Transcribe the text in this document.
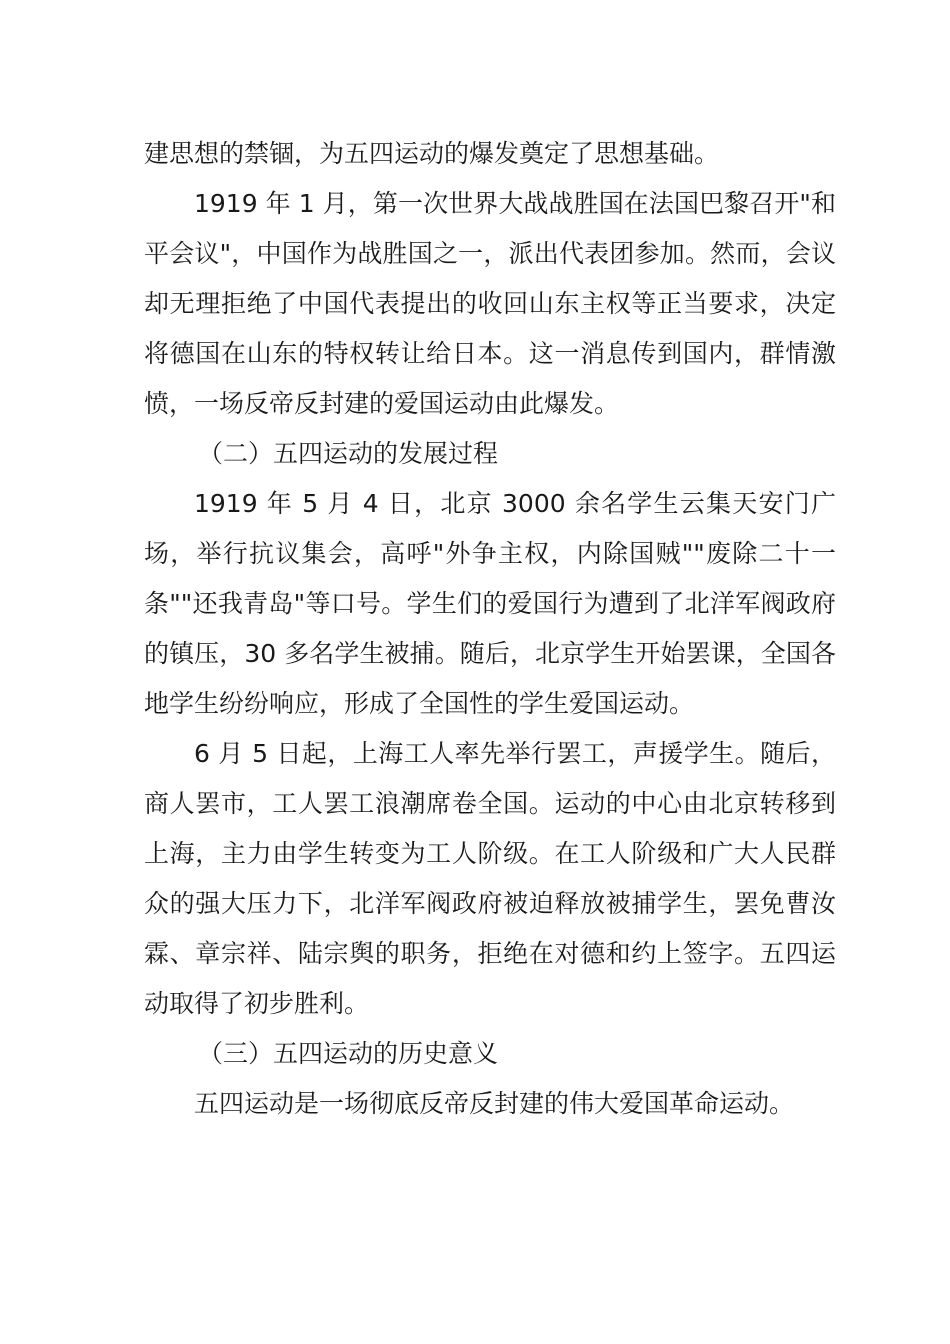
建思想的禁锢，为五四运动的爆发奠定了思想基础。

1919 年 1 月，第一次世界大战战胜国在法国巴黎召开"和平会议"，中国作为战胜国之一，派出代表团参加。然而，会议却无理拒绝了中国代表提出的收回山东主权等正当要求，决定将德国在山东的特权转让给日本。这一消息传到国内，群情激愤，一场反帝反封建的爱国运动由此爆发。

（二）五四运动的发展过程

1919 年 5 月 4 日，北京 3000 余名学生云集天安门广场，举行抗议集会，高呼"外争主权，内除国贼""废除二十一条""还我青岛"等口号。学生们的爱国行为遭到了北洋军阀政府的镇压，30 多名学生被捕。随后，北京学生开始罢课，全国各地学生纷纷响应，形成了全国性的学生爱国运动。

6 月 5 日起，上海工人率先举行罢工，声援学生。随后，商人罢市，工人罢工浪潮席卷全国。运动的中心由北京转移到上海，主力由学生转变为工人阶级。在工人阶级和广大人民群众的强大压力下，北洋军阀政府被迫释放被捕学生，罢免曹汝霖、章宗祥、陆宗舆的职务，拒绝在对德和约上签字。五四运动取得了初步胜利。

（三）五四运动的历史意义

五四运动是一场彻底反帝反封建的伟大爱国革命运动。
